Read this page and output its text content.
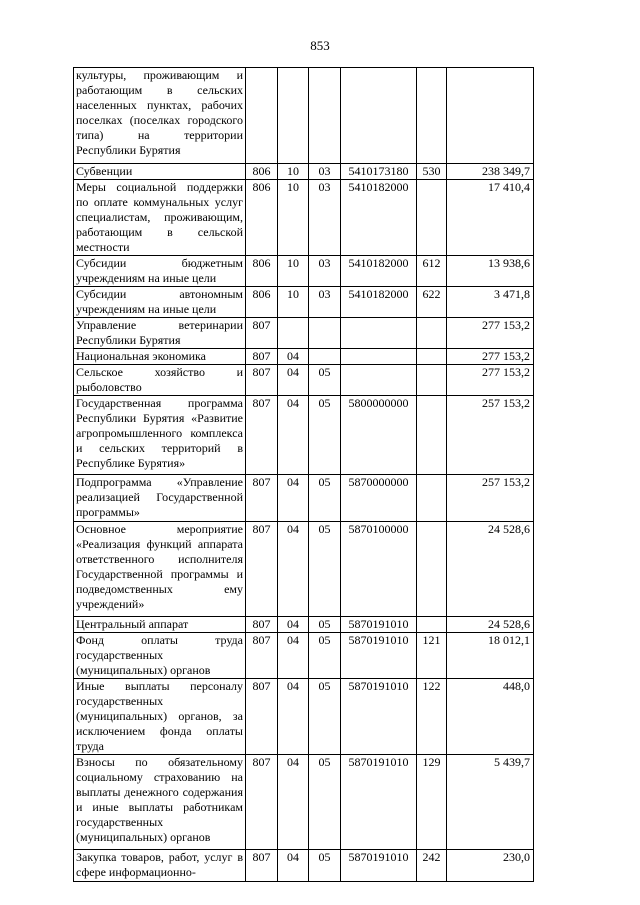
853
культуры, проживающим и работающим в сельских населенных пунктах, рабочих поселках (поселках городского типа) на территории Республики Бурятия						
Субвенции	806	10	03	5410173180	530	238 349,7
Меры социальной поддержки по оплате коммунальных услуг специалистам, проживающим, работающим в сельской местности	806	10	03	5410182000		17 410,4
Субсидии бюджетным учреждениям на иные цели	806	10	03	5410182000	612	13 938,6
Субсидии автономным учреждениям на иные цели	806	10	03	5410182000	622	3 471,8
Управление ветеринарии Республики Бурятия	807					277 153,2
Национальная экономика	807	04				277 153,2
Сельское хозяйство и рыболовство	807	04	05			277 153,2
Государственная программа Республики Бурятия «Развитие агропромышленного комплекса и сельских территорий в Республике Бурятия»	807	04	05	5800000000		257 153,2
Подпрограмма «Управление реализацией Государственной программы»	807	04	05	5870000000		257 153,2
Основное мероприятие «Реализация функций аппарата ответственного исполнителя Государственной программы и подведомственных ему учреждений»	807	04	05	5870100000		24 528,6
Центральный аппарат	807	04	05	5870191010		24 528,6
Фонд оплаты труда государственных (муниципальных) органов	807	04	05	5870191010	121	18 012,1
Иные выплаты персоналу государственных (муниципальных) органов, за исключением фонда оплаты труда	807	04	05	5870191010	122	448,0
Взносы по обязательному социальному страхованию на выплаты денежного содержания и иные выплаты работникам государственных (муниципальных) органов	807	04	05	5870191010	129	5 439,7
Закупка товаров, работ, услуг в сфере информационно-	807	04	05	5870191010	242	230,0
